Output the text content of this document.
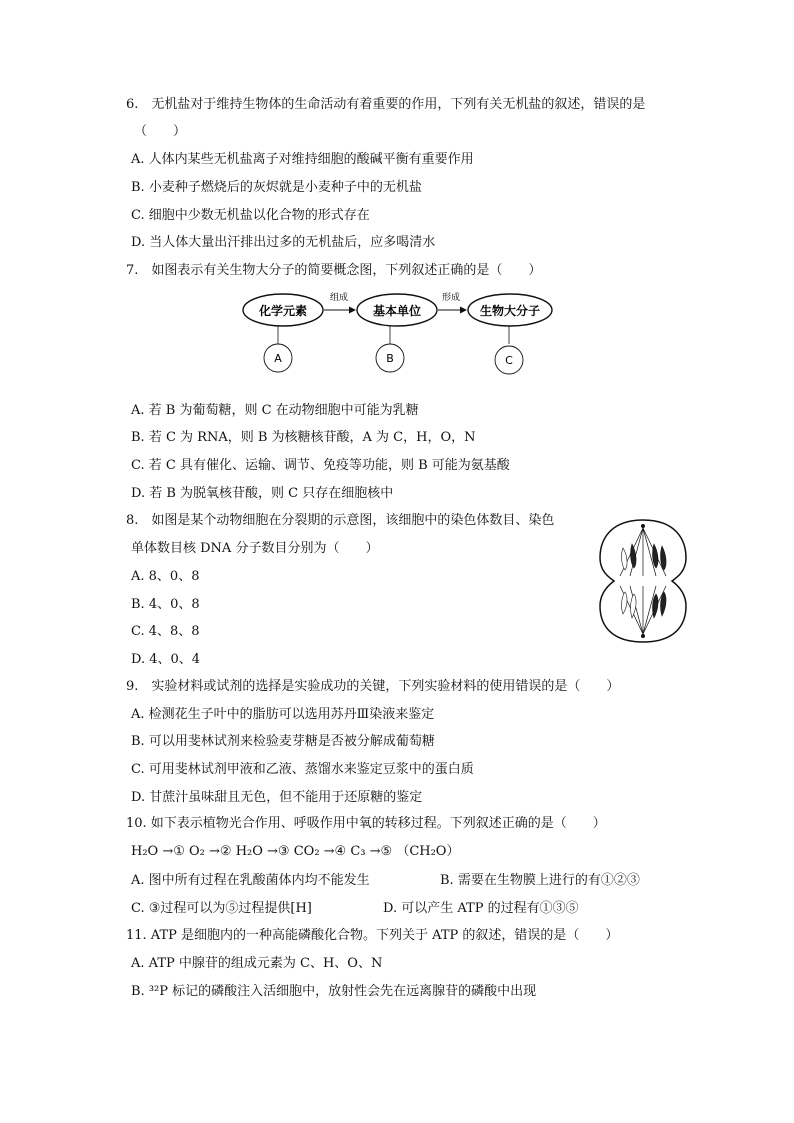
6.　无机盐对于维持生物体的生命活动有着重要的作用，下列有关无机盐的叙述，错误的是
（　　）
A. 人体内某些无机盐离子对维持细胞的酸碱平衡有重要作用
B. 小麦种子燃烧后的灰烬就是小麦种子中的无机盐
C. 细胞中少数无机盐以化合物的形式存在
D. 当人体大量出汗排出过多的无机盐后，应多喝清水
7.　如图表示有关生物大分子的简要概念图，下列叙述正确的是（　　）
化学元素	基本单位	生物大分子
组成	形成
A	B	C
A. 若 B 为葡萄糖，则 C 在动物细胞中可能为乳糖
B. 若 C 为 RNA，则 B 为核糖核苷酸，A 为 C，H，O，N
C. 若 C 具有催化、运输、调节、免疫等功能，则 B 可能为氨基酸
D. 若 B 为脱氧核苷酸，则 C 只存在细胞核中
8.　如图是某个动物细胞在分裂期的示意图，该细胞中的染色体数目、染色
单体数目核 DNA 分子数目分别为（　　）
A. 8、0、8
B. 4、0、8
C. 4、8、8
D. 4、0、4
9.　实验材料或试剂的选择是实验成功的关键，下列实验材料的使用错误的是（　　）
A. 检测花生子叶中的脂肪可以选用苏丹Ⅲ染液来鉴定
B. 可以用斐林试剂来检验麦芽糖是否被分解成葡萄糖
C. 可用斐林试剂甲液和乙液、蒸馏水来鉴定豆浆中的蛋白质
D. 甘蔗汁虽味甜且无色，但不能用于还原糖的鉴定
10. 如下表示植物光合作用、呼吸作用中氧的转移过程。下列叙述正确的是（　　）
H₂O →① O₂ →② H₂O →③ CO₂ →④ C₃ →⑤ （CH₂O）
A. 图中所有过程在乳酸菌体内均不能发生	B. 需要在生物膜上进行的有①②③
C. ③过程可以为⑤过程提供[H]	D. 可以产生 ATP 的过程有①③⑤
11. ATP 是细胞内的一种高能磷酸化合物。下列关于 ATP 的叙述，错误的是（　　）
A. ATP 中腺苷的组成元素为 C、H、O、N
B. ³²P 标记的磷酸注入活细胞中，放射性会先在远离腺苷的磷酸中出现
